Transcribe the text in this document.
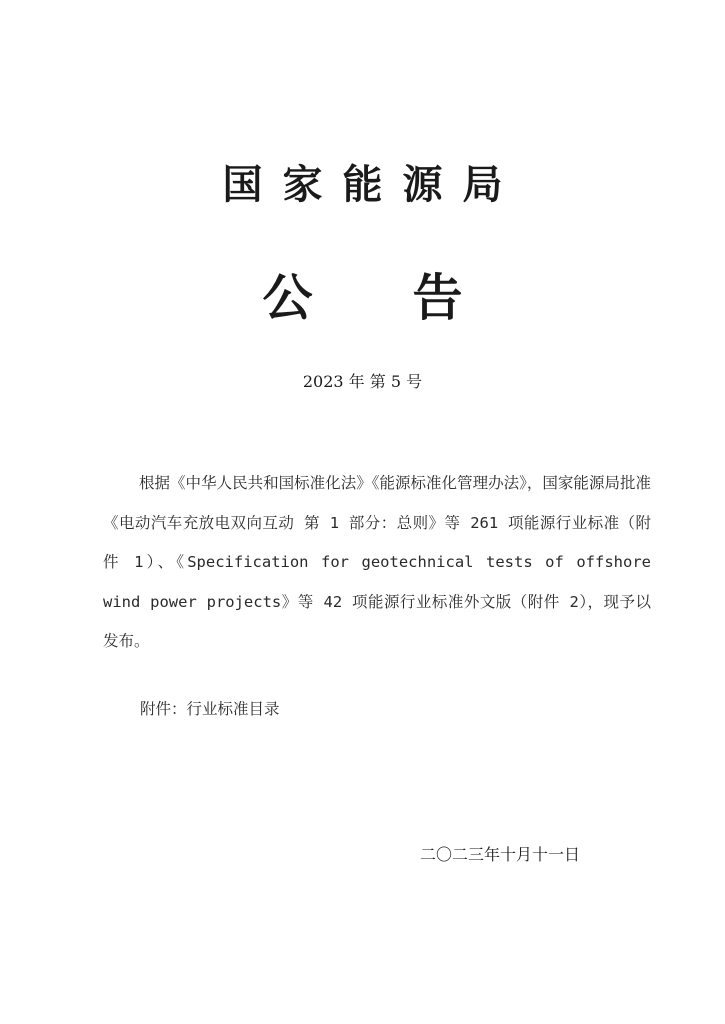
国家能源局
公告
2023 年 第 5 号
根据《中华人民共和国标准化法》《能源标准化管理办法》，国家能源局批准《电动汽车充放电双向互动 第 1 部分：总则》等 261 项能源行业标准（附件 1）、《Specification for geotechnical tests of offshore wind power projects》等 42 项能源行业标准外文版（附件 2），现予以发布。
附件：行业标准目录
二〇二三年十月十一日
